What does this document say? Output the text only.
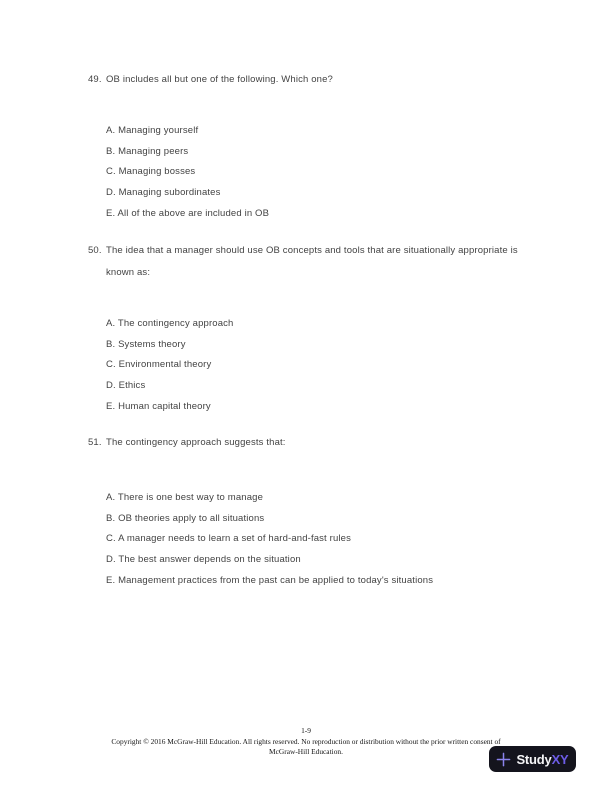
49. OB includes all but one of the following. Which one?
A. Managing yourself
B. Managing peers
C. Managing bosses
D. Managing subordinates
E. All of the above are included in OB
50. The idea that a manager should use OB concepts and tools that are situationally appropriate is known as:
A. The contingency approach
B. Systems theory
C. Environmental theory
D. Ethics
E. Human capital theory
51. The contingency approach suggests that:
A. There is one best way to manage
B. OB theories apply to all situations
C. A manager needs to learn a set of hard-and-fast rules
D. The best answer depends on the situation
E. Management practices from the past can be applied to today's situations
1-9
Copyright © 2016 McGraw-Hill Education. All rights reserved. No reproduction or distribution without the prior written consent of
McGraw-Hill Education.	StudyXY
